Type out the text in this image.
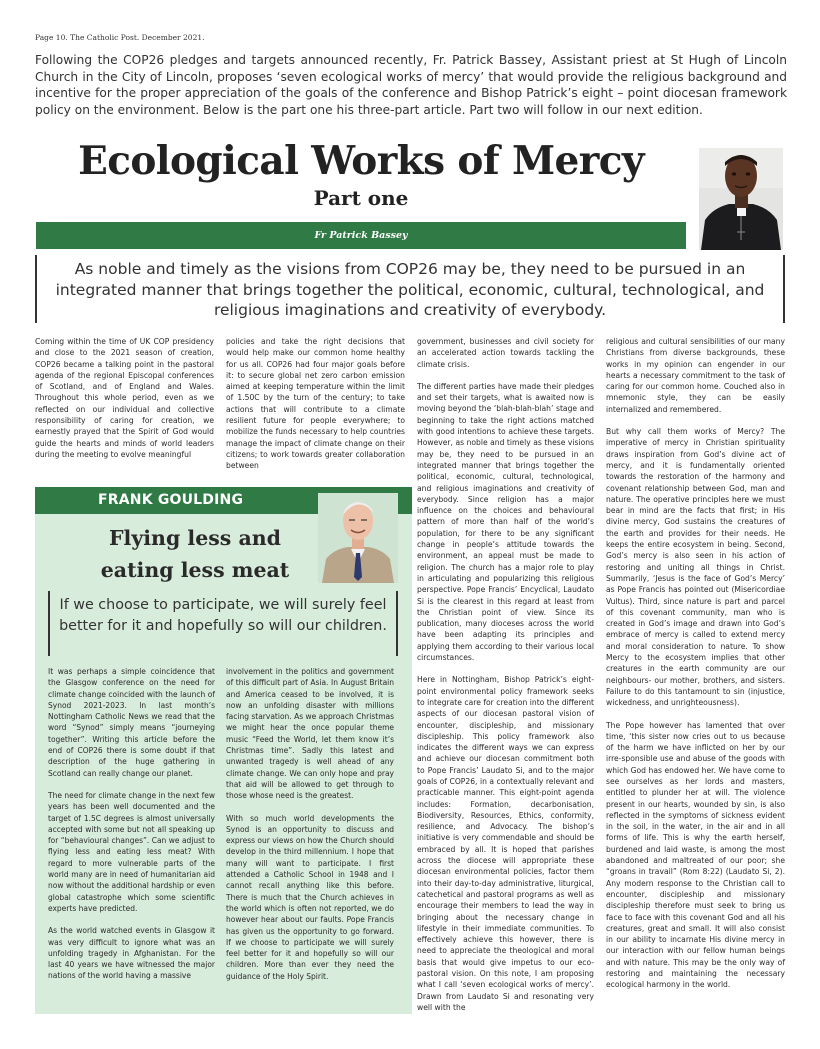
Page 10. The Catholic Post. December 2021.
Following the COP26 pledges and targets announced recently, Fr. Patrick Bassey, Assistant priest at St Hugh of Lincoln Church in the City of Lincoln, proposes ‘seven ecological works of mercy’ that would provide the religious background and incentive for the proper appreciation of the goals of the conference and Bishop Patrick’s eight – point diocesan framework policy on the environment. Below is the part one his three-part article. Part two will follow in our next edition.
Ecological Works of Mercy
Part one
Fr Patrick Bassey
As noble and timely as the visions from COP26 may be, they need to be pursued in an integrated manner that brings together the political, economic, cultural, technological, and religious imaginations and creativity of everybody.

Coming within the time of UK COP presidency and close to the 2021 season of creation, COP26 became a talking point in the pastoral agenda of the regional Episcopal conferences of Scotland, and of England and Wales. Throughout this whole period, even as we reflected on our individual and collective responsibility of caring for creation, we earnestly prayed that the Spirit of God would guide the hearts and minds of world leaders during the meeting to evolve meaningful

policies and take the right decisions that would help make our common home healthy for us all. COP26 had four major goals before it: to secure global net zero carbon emission aimed at keeping temperature within the limit of 1.50C by the turn of the century; to take actions that will contribute to a climate resilient future for people everywhere; to mobilize the funds necessary to help countries manage the impact of climate change on their citizens; to work towards greater collaboration between

government, businesses and civil society for an accelerated action towards tackling the climate crisis.

The different parties have made their pledges and set their targets, what is awaited now is moving beyond the ‘blah-blah-blah’ stage and beginning to take the right actions matched with good intentions to achieve these targets. However, as noble and timely as these visions may be, they need to be pursued in an integrated manner that brings together the political, economic, cultural, technological, and religious imaginations and creativity of everybody. Since religion has a major influence on the choices and behavioural pattern of more than half of the world’s population, for there to be any significant change in people’s attitude towards the environment, an appeal must be made to religion. The church has a major role to play in articulating and popularizing this religious perspective. Pope Francis’ Encyclical, Laudato Si is the clearest in this regard at least from the Christian point of view. Since its publication, many dioceses across the world have been adapting its principles and applying them according to their various local circumstances.

Here in Nottingham, Bishop Patrick’s eight-point environmental policy framework seeks to integrate care for creation into the different aspects of our diocesan pastoral vision of encounter, discipleship, and missionary discipleship. This policy framework also indicates the different ways we can express and achieve our diocesan commitment both to Pope Francis’ Laudato Si, and to the major goals of COP26, in a contextually relevant and practicable manner. This eight-point agenda includes: Formation, decarbonisation, Biodiversity, Resources, Ethics, conformity, resilience, and Advocacy. The bishop’s initiative is very commendable and should be embraced by all. It is hoped that parishes across the diocese will appropriate these diocesan environmental policies, factor them into their day-to-day administrative, liturgical, catechetical and pastoral programs as well as encourage their members to lead the way in bringing about the necessary change in lifestyle in their immediate communities. To effectively achieve this however, there is need to appreciate the theological and moral basis that would give impetus to our eco-pastoral vision. On this note, I am proposing what I call ‘seven ecological works of mercy’. Drawn from Laudato Si and resonating very well with the

religious and cultural sensibilities of our many Christians from diverse backgrounds, these works in my opinion can engender in our hearts a necessary commitment to the task of caring for our common home. Couched also in mnemonic style, they can be easily internalized and remembered.

But why call them works of Mercy? The imperative of mercy in Christian spirituality draws inspiration from God’s divine act of mercy, and it is fundamentally oriented towards the restoration of the harmony and covenant relationship between God, man and nature. The operative principles here we must bear in mind are the facts that first; in His divine mercy, God sustains the creatures of the earth and provides for their needs. He keeps the entire ecosystem in being. Second, God’s mercy is also seen in his action of restoring and uniting all things in Christ. Summarily, ‘Jesus is the face of God’s Mercy’ as Pope Francis has pointed out (Misericordiae Vultus). Third, since nature is part and parcel of this covenant community, man who is created in God’s image and drawn into God’s embrace of mercy is called to extend mercy and moral consideration to nature. To show Mercy to the ecosystem implies that other creatures in the earth community are our neighbours- our mother, brothers, and sisters. Failure to do this tantamount to sin (injustice, wickedness, and unrighteousness).

The Pope however has lamented that over time, ‘this sister now cries out to us because of the harm we have inflicted on her by our irre-sponsible use and abuse of the goods with which God has endowed her. We have come to see ourselves as her lords and masters, entitled to plunder her at will. The violence present in our hearts, wounded by sin, is also reflected in the symptoms of sickness evident in the soil, in the water, in the air and in all forms of life. This is why the earth herself, burdened and laid waste, is among the most abandoned and maltreated of our poor; she “groans in travail” (Rom 8:22) (Laudato Si, 2). Any modern response to the Christian call to encounter, discipleship and missionary discipleship therefore must seek to bring us face to face with this covenant God and all his creatures, great and small. It will also consist in our ability to incarnate His divine mercy in our interaction with our fellow human beings and with nature. This may be the only way of restoring and maintaining the necessary ecological harmony in the world.

FRANK GOULDING
Flying less and
eating less meat
If we choose to participate, we will surely feel better for it and hopefully so will our children.

It was perhaps a simple coincidence that the Glasgow conference on the need for climate change coincided with the launch of Synod 2021-2023. In last month’s Nottingham Catholic News we read that the word “Synod” simply means “journeying together”. Writing this article before the end of COP26 there is some doubt if that description of the huge gathering in Scotland can really change our planet.

The need for climate change in the next few years has been well documented and the target of 1.5C degrees is almost universally accepted with some but not all speaking up for “behavioural changes”. Can we adjust to flying less and eating less meat? With regard to more vulnerable parts of the world many are in need of humanitarian aid now without the additional hardship or even global catastrophe which some scientific experts have predicted.

As the world watched events in Glasgow it was very difficult to ignore what was an unfolding tragedy in Afghanistan. For the last 40 years we have witnessed the major nations of the world having a massive

involvement in the politics and government of this difficult part of Asia. In August Britain and America ceased to be involved, it is now an unfolding disaster with millions facing starvation. As we approach Christmas we might hear the once popular theme music “Feed the World, let them know it’s Christmas time”. Sadly this latest and unwanted tragedy is well ahead of any climate change. We can only hope and pray that aid will be allowed to get through to those whose need is the greatest.

With so much world developments the Synod is an opportunity to discuss and express our views on how the Church should develop in the third millennium. I hope that many will want to participate. I first attended a Catholic School in 1948 and I cannot recall anything like this before. There is much that the Church achieves in the world which is often not reported, we do however hear about our faults. Pope Francis has given us the opportunity to go forward. If we choose to participate we will surely feel better for it and hopefully so will our children. More than ever they need the guidance of the Holy Spirit.
